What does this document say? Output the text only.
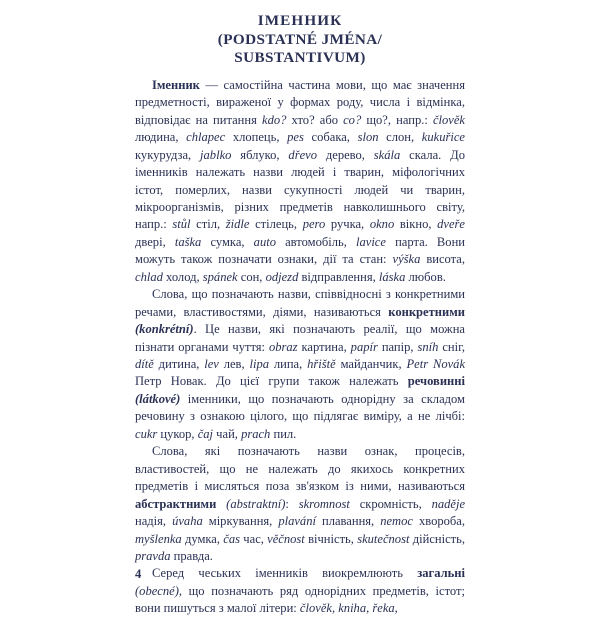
ІМЕННИК
(PODSTATNÉ JMÉNA/
SUBSTANTIVUM)

Іменник — самостійна частина мови, що має значення предметності, вираженої у формах роду, числа і відмінка, відповідає на питання kdo? хто? або co? що?, напр.: člověk людина, chlapec хлопець, pes собака, slon слон, kukuřice кукурудза, jablko яблуко, dřevo дерево, skála скала. До іменників належать назви людей і тварин, міфологічних істот, померлих, назви сукупності людей чи тварин, мікроорганізмів, різних предметів навколишнього світу, напр.: stůl стіл, židle стілець, pero ручка, okno вікно, dveře двері, taška сумка, auto автомобіль, lavice парта. Вони можуть також позначати ознаки, дії та стан: výška висота, chlad холод, spánek сон, odjezd відправлення, láska любов.

Слова, що позначають назви, співвідносні з конкретними речами, властивостями, діями, називаються конкретними (konkrétní). Це назви, які позначають реалії, що можна пізнати органами чуття: obraz картина, papír папір, sníh сніг, dítě дитина, lev лев, lipa липа, hřiště майданчик, Petr Novák Петр Новак. До цієї групи також належать речовинні (látkové) іменники, що позначають однорідну за складом речовину з ознакою цілого, що підлягає виміру, а не лічбі: cukr цукор, čaj чай, prach пил.

Слова, які позначають назви ознак, процесів, властивостей, що не належать до якихось конкретних предметів і мисляться поза зв'язком із ними, називаються абстрактними (abstraktní): skromnost скромність, naděje надія, úvaha міркування, plavání плавання, nemoc хвороба, myšlenka думка, čas час, věčnost вічність, skutečnost дійсність, pravda правда.

Серед чеських іменників виокремлюють загальні (obecné), що позначають ряд однорідних предметів, істот; вони пишуться з малої літери: člověk, kniha, řeka,

4
